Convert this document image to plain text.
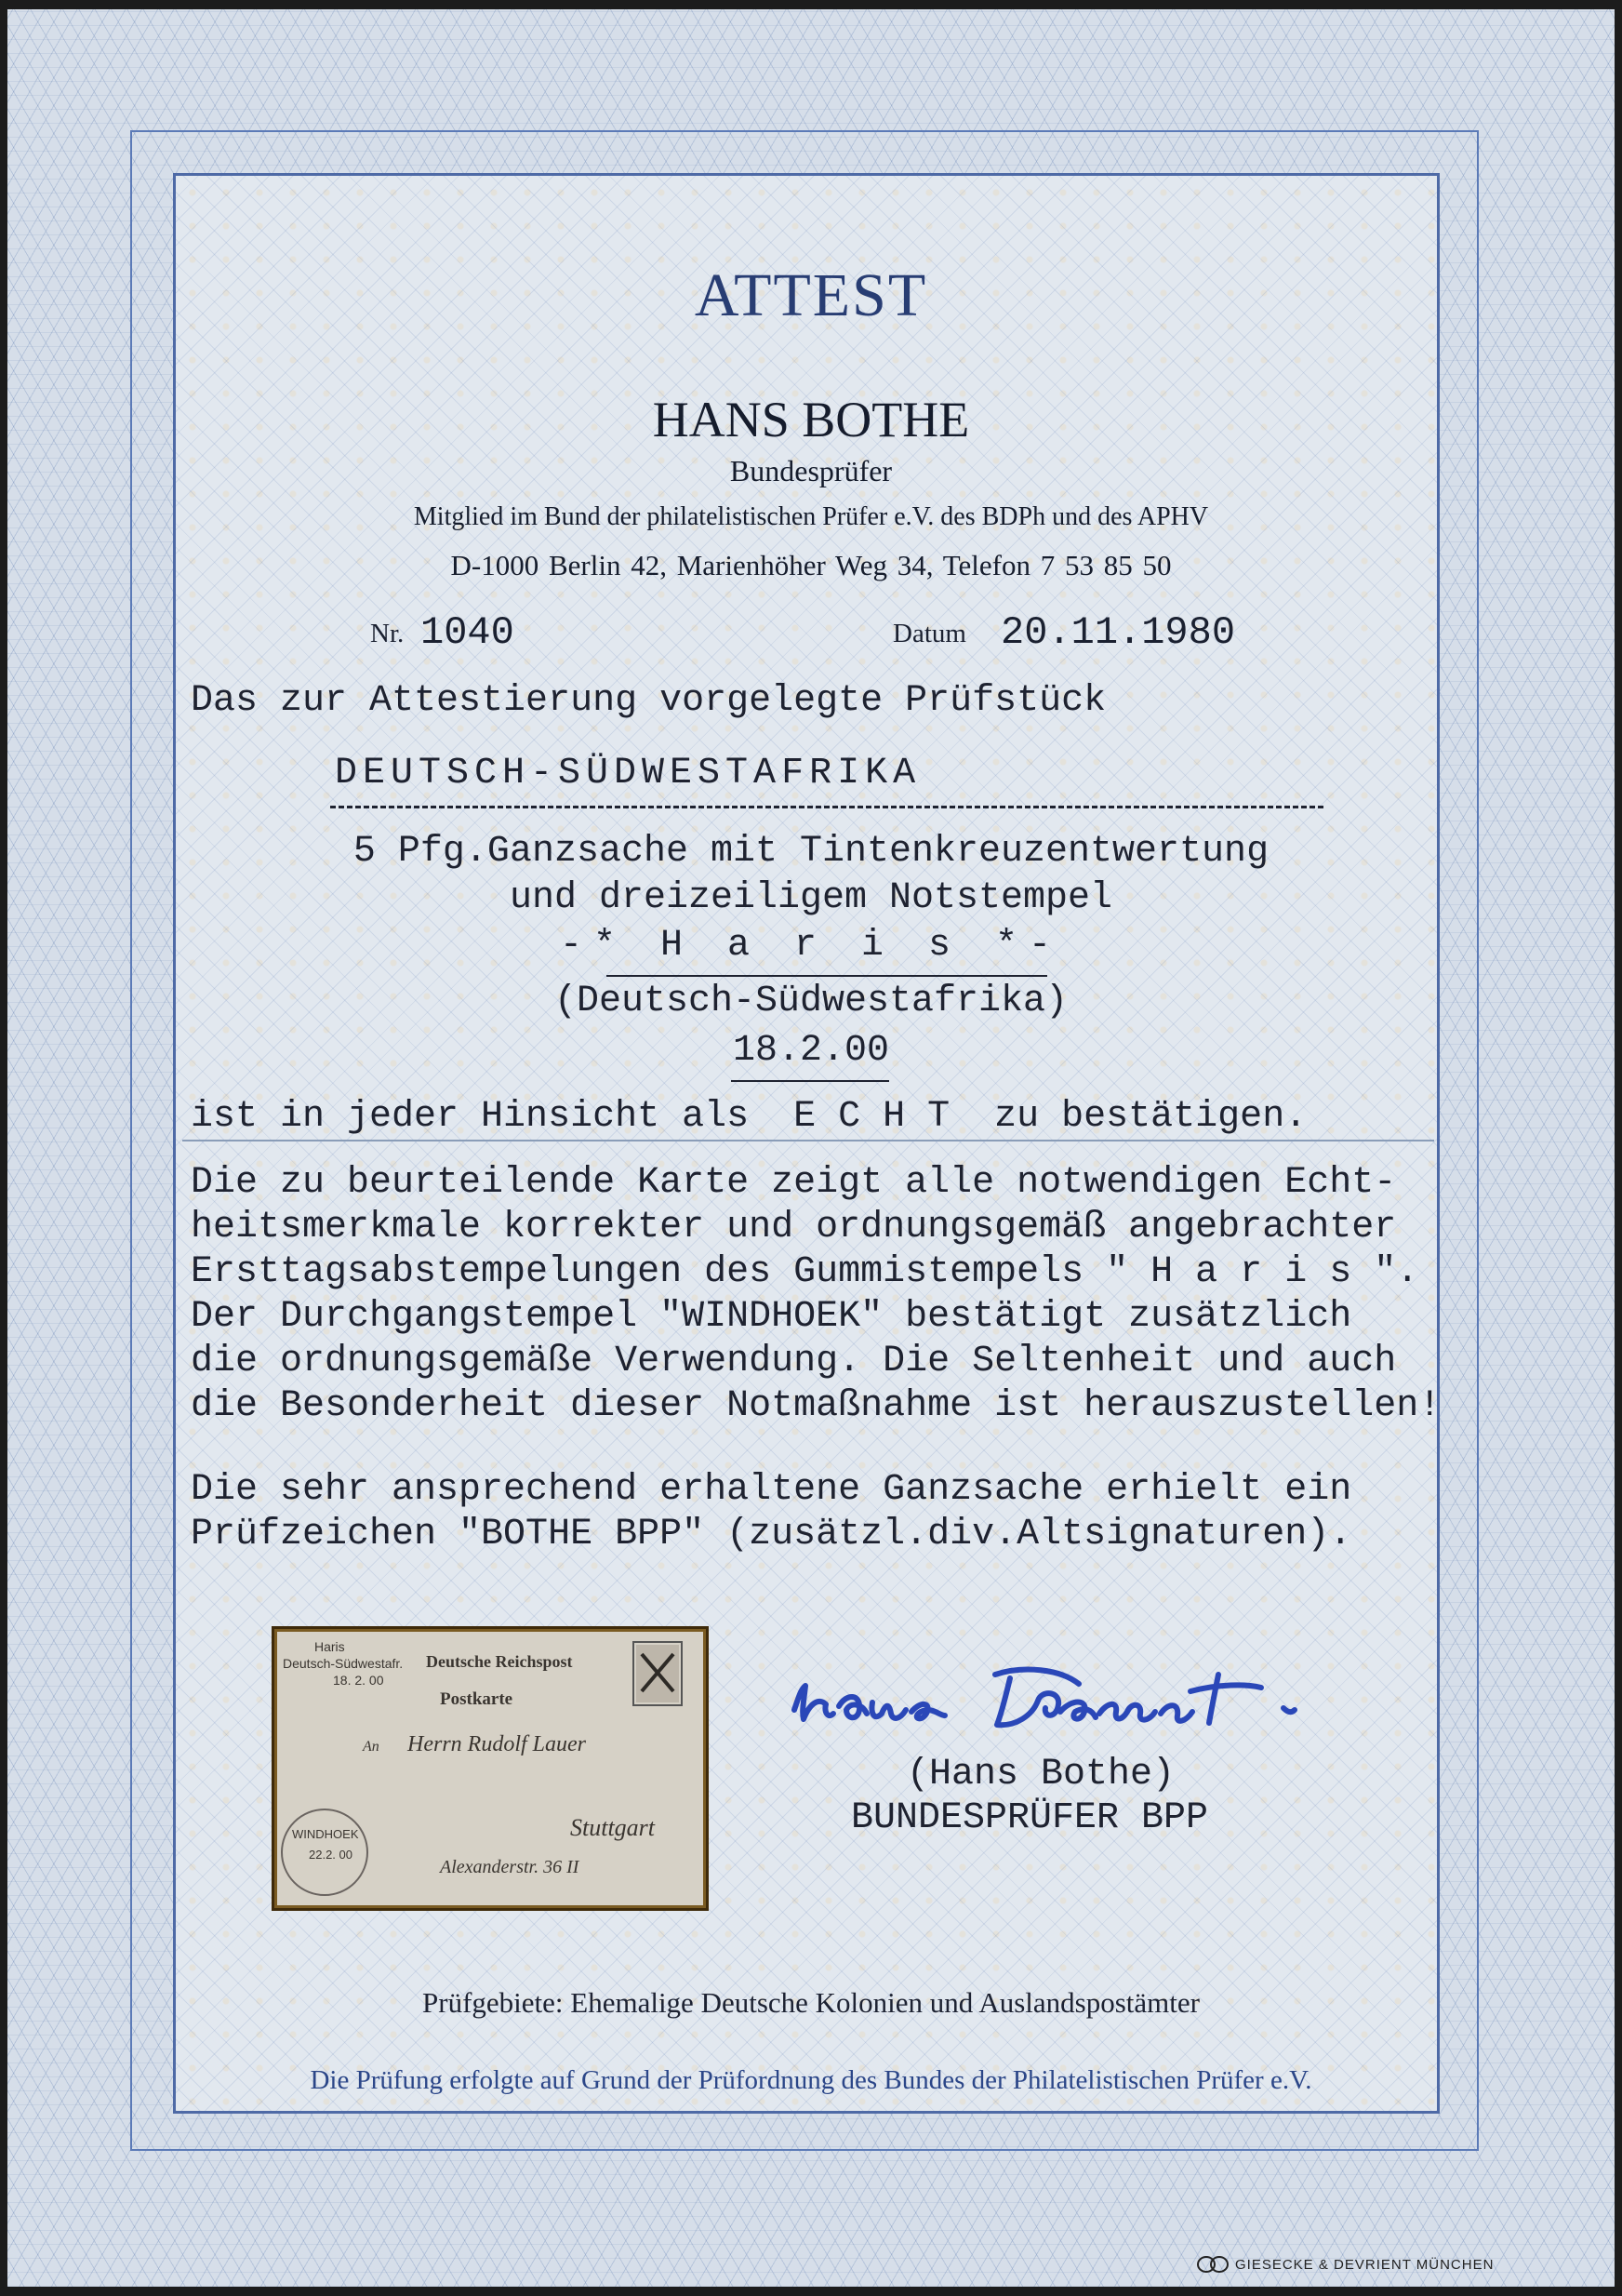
ATTEST
HANS BOTHE
Bundesprüfer
Mitglied im Bund der philatelistischen Prüfer e.V. des BDPh und des APHV
D-1000 Berlin 42, Marienhöher Weg 34, Telefon 7 53 85 50
Nr. 1040	Datum 20.11.1980
Das zur Attestierung vorgelegte Prüfstück
DEUTSCH-SÜDWESTAFRIKA
5 Pfg.Ganzsache mit Tintenkreuzentwertung
und dreizeiligem Notstempel
-* H a r i s *-
(Deutsch-Südwestafrika)
18.2.00
ist in jeder Hinsicht als  E C H T  zu bestätigen.
Die zu beurteilende Karte zeigt alle notwendigen Echt-
heitsmerkmale korrekter und ordnungsgemäß angebrachter
Ersttagsabstempelungen des Gummistempels " H a r i s ".
Der Durchgangstempel "WINDHOEK" bestätigt zusätzlich
die ordnungsgemäße Verwendung. Die Seltenheit und auch
die Besonderheit dieser Notmaßnahme ist herauszustellen!
Die sehr ansprechend erhaltene Ganzsache erhielt ein
Prüfzeichen "BOTHE BPP" (zusätzl.div.Altsignaturen).
Haris
Deutsch-Südwestafr.
18. 2. 00
Deutsche Reichspost
Postkarte
An Herrn Rudolf Lauer
Stuttgart
Alexanderstr. 36 II
WINDHOEK
22.2. 00
(Hans Bothe)
BUNDESPRÜFER BPP
Prüfgebiete: Ehemalige Deutsche Kolonien und Auslandspostämter
Die Prüfung erfolgte auf Grund der Prüfordnung des Bundes der Philatelistischen Prüfer e.V.
GIESECKE & DEVRIENT MÜNCHEN
